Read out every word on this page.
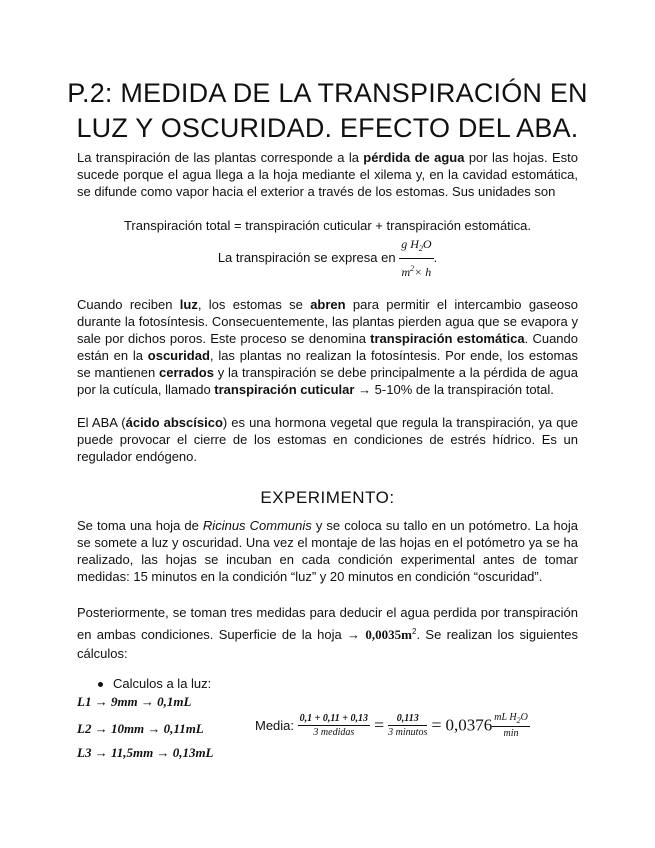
P.2: MEDIDA DE LA TRANSPIRACIÓN EN
LUZ Y OSCURIDAD. EFECTO DEL ABA.

La transpiración de las plantas corresponde a la pérdida de agua por las hojas. Esto sucede porque el agua llega a la hoja mediante el xilema y, en la cavidad estomática, se difunde como vapor hacia el exterior a través de los estomas. Sus unidades son

Transpiración total = transpiración cuticular + transpiración estomática.
La transpiración se expresa en $\frac{g H_2O}{m^2\times h}$ .

Cuando reciben luz, los estomas se abren para permitir el intercambio gaseoso durante la fotosíntesis. Consecuentemente, las plantas pierden agua que se evapora y sale por dichos poros. Este proceso se denomina transpiración estomática. Cuando están en la oscuridad, las plantas no realizan la fotosíntesis. Por ende, los estomas se mantienen cerrados y la transpiración se debe principalmente a la pérdida de agua por la cutícula, llamado transpiración cuticular → 5-10% de la transpiración total.

El ABA (ácido abscísico) es una hormona vegetal que regula la transpiración, ya que puede provocar el cierre de los estomas en condiciones de estrés hídrico. Es un regulador endógeno.

EXPERIMENTO:

Se toma una hoja de Ricinus Communis y se coloca su tallo en un potómetro. La hoja se somete a luz y oscuridad. Una vez el montaje de las hojas en el potómetro ya se ha realizado, las hojas se incuban en cada condición experimental antes de tomar medidas: 15 minutos en la condición “luz” y 20 minutos en condición “oscuridad”.

Posteriormente, se toman tres medidas para deducir el agua perdida por transpiración en ambas condiciones. Superficie de la hoja → $0,0035m^2$. Se realizan los siguientes cálculos:

Calculos a la luz:
L1 → 9mm → 0,1mL
L2 → 10mm → 0,11mL
L3 → 11,5mm → 0,13mL
Media: $\frac{0,1 + 0,11 + 0,13}{\text{3 medidas}} = \frac{0,113}{\text{3 minutos}} = 0,0376 \frac{mL H_2O}{\min}$
